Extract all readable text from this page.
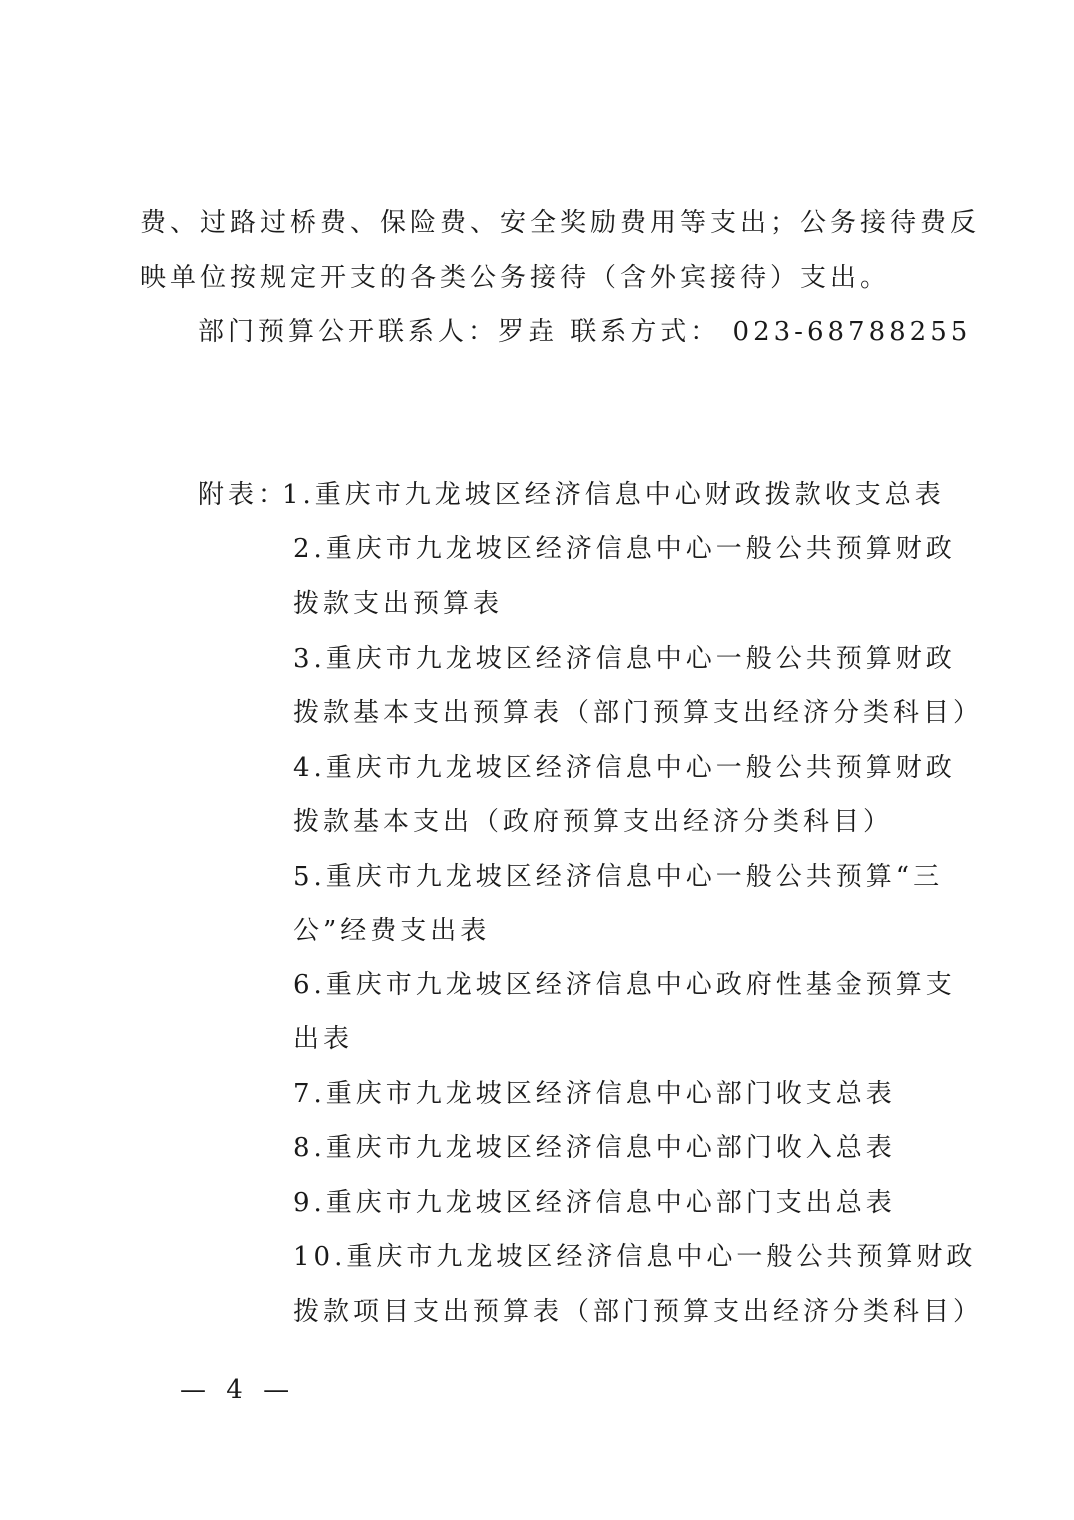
费、过路过桥费、保险费、安全奖励费用等支出；公务接待费反
映单位按规定开支的各类公务接待（含外宾接待）支出。
部门预算公开联系人：罗垚 联系方式： 023-68788255
附表：
1.重庆市九龙坡区经济信息中心财政拨款收支总表
2.重庆市九龙坡区经济信息中心一般公共预算财政
拨款支出预算表
3.重庆市九龙坡区经济信息中心一般公共预算财政
拨款基本支出预算表（部门预算支出经济分类科目）
4.重庆市九龙坡区经济信息中心一般公共预算财政
拨款基本支出（政府预算支出经济分类科目）
5.重庆市九龙坡区经济信息中心一般公共预算“三
公”经费支出表
6.重庆市九龙坡区经济信息中心政府性基金预算支
出表
7.重庆市九龙坡区经济信息中心部门收支总表
8.重庆市九龙坡区经济信息中心部门收入总表
9.重庆市九龙坡区经济信息中心部门支出总表
10.重庆市九龙坡区经济信息中心一般公共预算财政
拨款项目支出预算表（部门预算支出经济分类科目）
— 4 —
